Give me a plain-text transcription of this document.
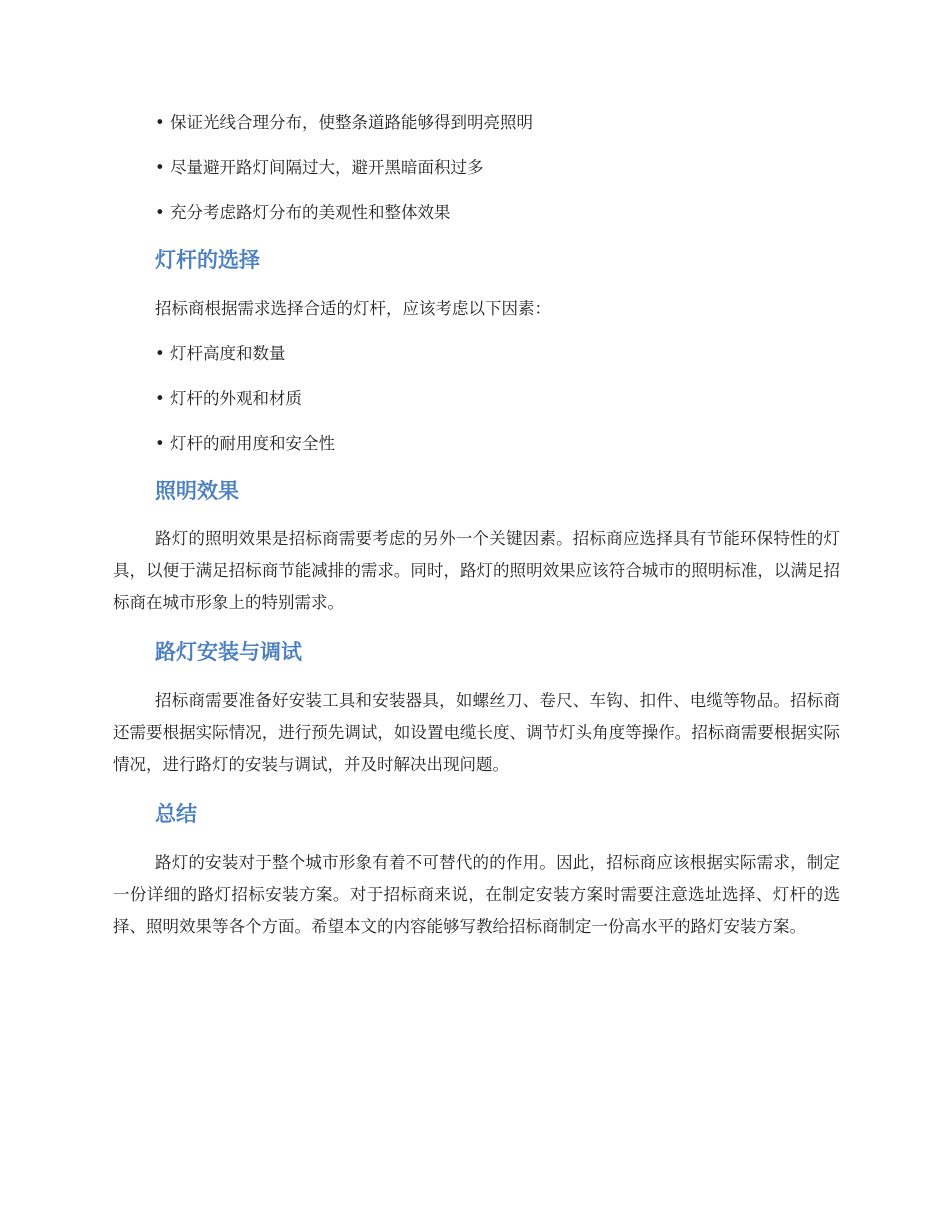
• 保证光线合理分布，使整条道路能够得到明亮照明
• 尽量避开路灯间隔过大，避开黑暗面积过多
• 充分考虑路灯分布的美观性和整体效果
灯杆的选择
招标商根据需求选择合适的灯杆，应该考虑以下因素：
• 灯杆高度和数量
• 灯杆的外观和材质
• 灯杆的耐用度和安全性
照明效果

路灯的照明效果是招标商需要考虑的另外一个关键因素。招标商应选择具有节能环保特性的灯具，以便于满足招标商节能减排的需求。同时，路灯的照明效果应该符合城市的照明标准，以满足招标商在城市形象上的特别需求。

路灯安装与调试

招标商需要准备好安装工具和安装器具，如螺丝刀、卷尺、车钩、扣件、电缆等物品。招标商还需要根据实际情况，进行预先调试，如设置电缆长度、调节灯头角度等操作。招标商需要根据实际情况，进行路灯的安装与调试，并及时解决出现问题。

总结

路灯的安装对于整个城市形象有着不可替代的的作用。因此，招标商应该根据实际需求，制定一份详细的路灯招标安装方案。对于招标商来说，在制定安装方案时需要注意选址选择、灯杆的选择、照明效果等各个方面。希望本文的内容能够写教给招标商制定一份高水平的路灯安装方案。
